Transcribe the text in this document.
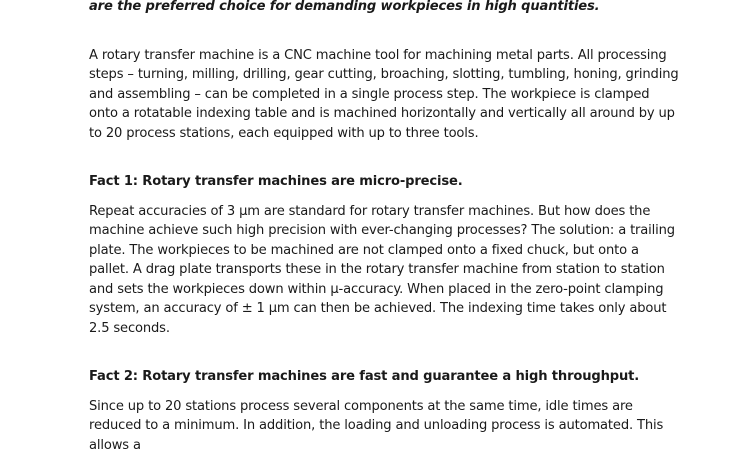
are the preferred choice for demanding workpieces in high quantities.

A rotary transfer machine is a CNC machine tool for machining metal parts. All processing steps – turning, milling, drilling, gear cutting, broaching, slotting, tumbling, honing, grinding and assembling – can be completed in a single process step. The workpiece is clamped onto a rotatable indexing table and is machined horizontally and vertically all around by up to 20 process stations, each equipped with up to three tools.

Fact 1: Rotary transfer machines are micro-precise.

Repeat accuracies of 3 µm are standard for rotary transfer machines. But how does the machine achieve such high precision with ever-changing processes? The solution: a trailing plate. The workpieces to be machined are not clamped onto a fixed chuck, but onto a pallet. A drag plate transports these in the rotary transfer machine from station to station and sets the workpieces down within µ-accuracy. When placed in the zero-point clamping system, an accuracy of ± 1 µm can then be achieved. The indexing time takes only about 2.5 seconds.

Fact 2: Rotary transfer machines are fast and guarantee a high throughput.

Since up to 20 stations process several components at the same time, idle times are reduced to a minimum. In addition, the loading and unloading process is automated. This allows a
